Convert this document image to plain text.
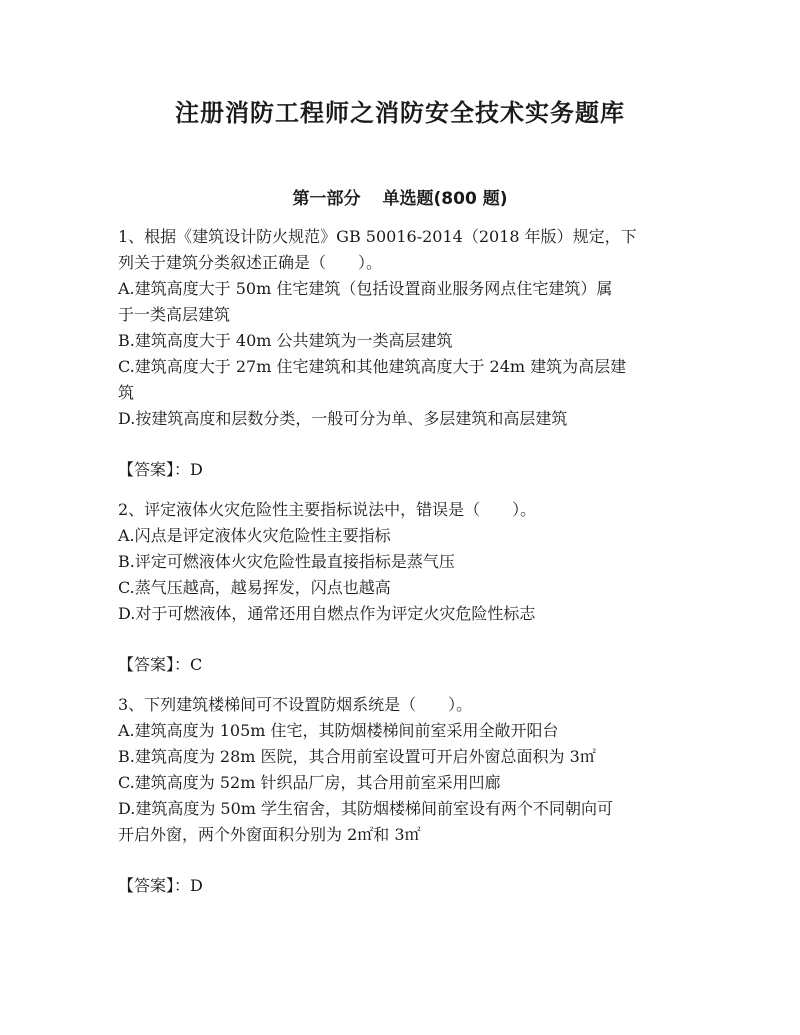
注册消防工程师之消防安全技术实务题库
第一部分 单选题(800 题)
1、根据《建筑设计防火规范》GB 50016-2014（2018 年版）规定，下
列关于建筑分类叙述正确是（　　）。
A.建筑高度大于 50m 住宅建筑（包括设置商业服务网点住宅建筑）属
于一类高层建筑
B.建筑高度大于 40m 公共建筑为一类高层建筑
C.建筑高度大于 27m 住宅建筑和其他建筑高度大于 24m 建筑为高层建
筑
D.按建筑高度和层数分类，一般可分为单、多层建筑和高层建筑
【答案】：D
2、评定液体火灾危险性主要指标说法中，错误是（　　）。
A.闪点是评定液体火灾危险性主要指标
B.评定可燃液体火灾危险性最直接指标是蒸气压
C.蒸气压越高，越易挥发，闪点也越高
D.对于可燃液体，通常还用自燃点作为评定火灾危险性标志
【答案】：C
3、下列建筑楼梯间可不设置防烟系统是（　　）。
A.建筑高度为 105m 住宅，其防烟楼梯间前室采用全敞开阳台
B.建筑高度为 28m 医院，其合用前室设置可开启外窗总面积为 3㎡
C.建筑高度为 52m 针织品厂房，其合用前室采用凹廊
D.建筑高度为 50m 学生宿舍，其防烟楼梯间前室设有两个不同朝向可
开启外窗，两个外窗面积分别为 2㎡和 3㎡
【答案】：D
